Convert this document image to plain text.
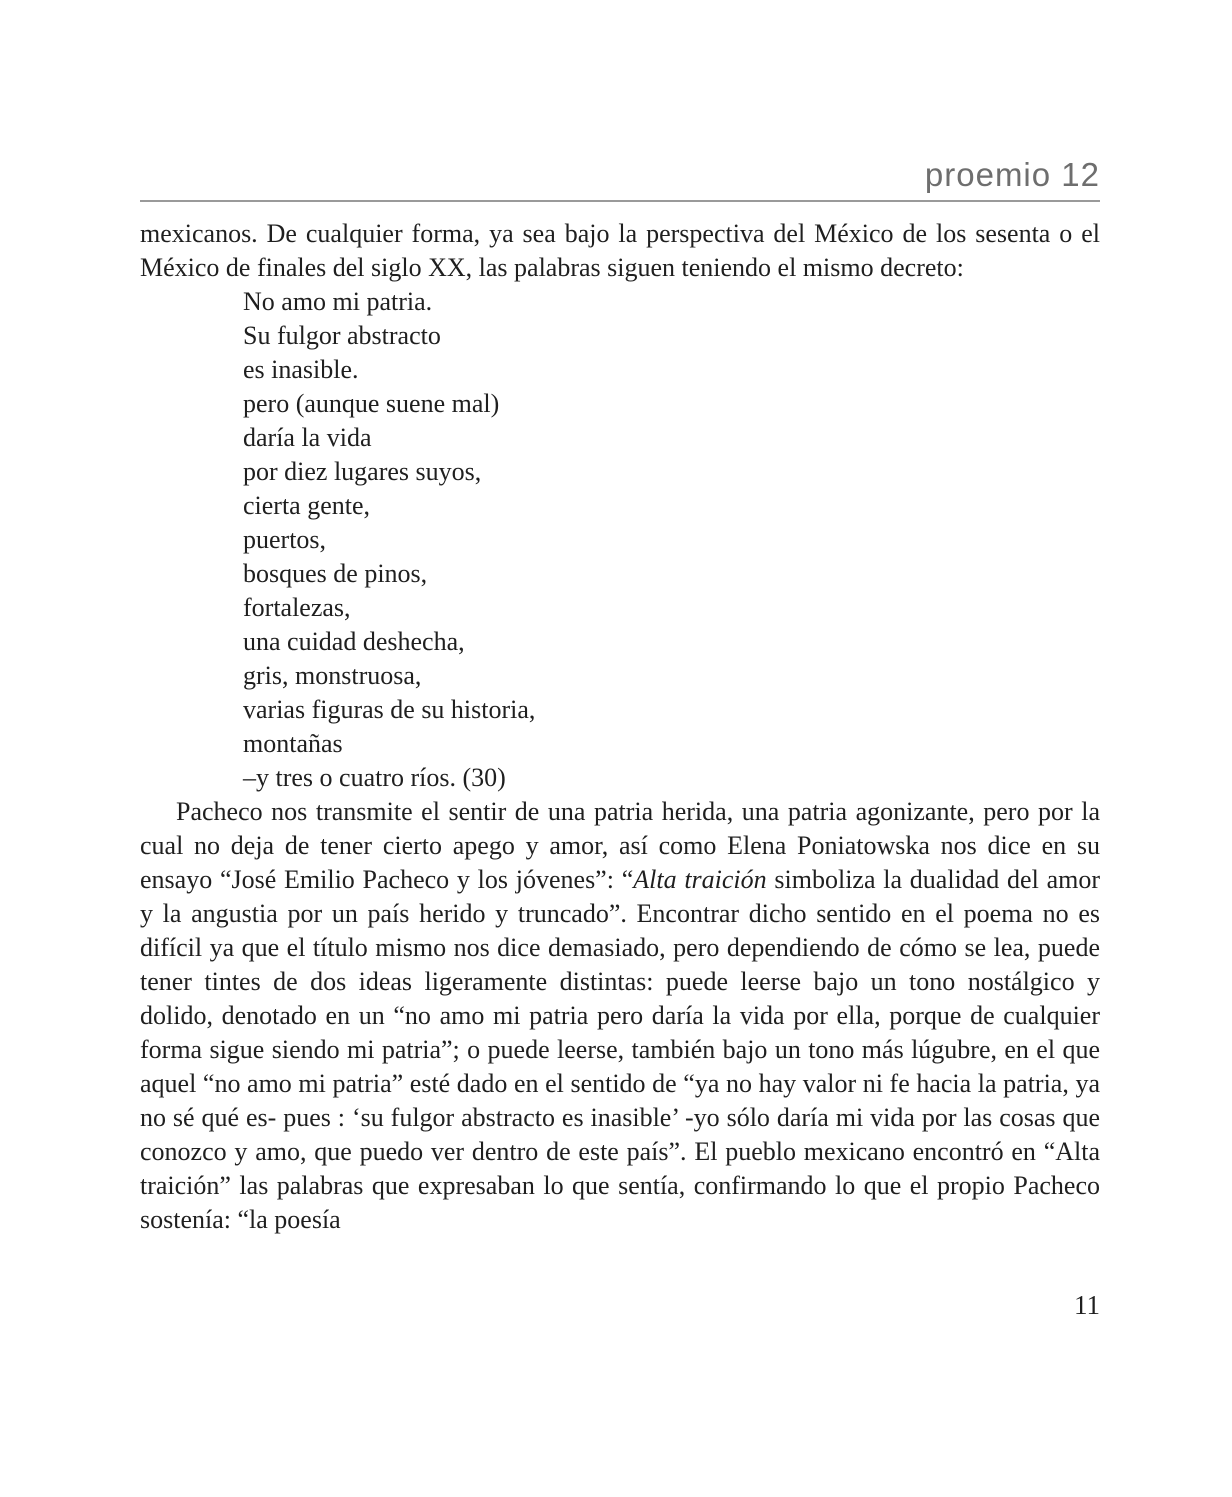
proemio 12

mexicanos. De cualquier forma, ya sea bajo la perspectiva del México de los sesenta o el México de finales del siglo XX, las palabras siguen teniendo el mismo decreto:

No amo mi patria.
Su fulgor abstracto
es inasible.
pero (aunque suene mal)
daría la vida
por diez lugares suyos,
cierta gente,
puertos,
bosques de pinos,
fortalezas,
una cuidad deshecha,
gris, monstruosa,
varias figuras de su historia,
montañas
–y tres o cuatro ríos. (30)

Pacheco nos transmite el sentir de una patria herida, una patria agonizante, pero por la cual no deja de tener cierto apego y amor, así como Elena Poniatowska nos dice en su ensayo “José Emilio Pacheco y los jóvenes”: “Alta traición simboliza la dualidad del amor y la angustia por un país herido y truncado”. Encontrar dicho sentido en el poema no es difícil ya que el título mismo nos dice demasiado, pero dependiendo de cómo se lea, puede tener tintes de dos ideas ligeramente distintas: puede leerse bajo un tono nostálgico y dolido, denotado en un “no amo mi patria pero daría la vida por ella, porque de cualquier forma sigue siendo mi patria”; o puede leerse, también bajo un tono más lúgubre, en el que aquel “no amo mi patria” esté dado en el sentido de “ya no hay valor ni fe hacia la patria, ya no sé qué es- pues : ‘su fulgor abstracto es inasible’ -yo sólo daría mi vida por las cosas que conozco y amo, que puedo ver dentro de este país”. El pueblo mexicano encontró en “Alta traición” las palabras que expresaban lo que sentía, confirmando lo que el propio Pacheco sostenía: “la poesía

11
